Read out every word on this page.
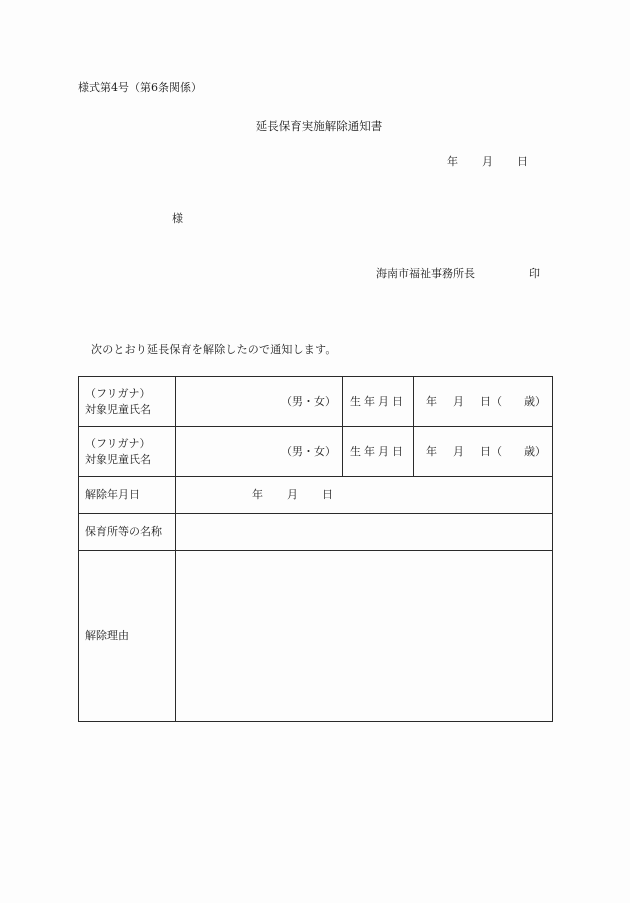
様式第4号（第6条関係）
延長保育実施解除通知書
年 月 日
様
海南市福祉事務所長	印
次のとおり延長保育を解除したので通知します。
（フリガナ）
対象児童氏名	（男・女）	生年月日	年 月 日（ 歳）

（フリガナ）
対象児童氏名	（男・女）	生年月日	年 月 日（ 歳）
解除年月日	年 月 日		
保育所等の名称			
解除理由			
